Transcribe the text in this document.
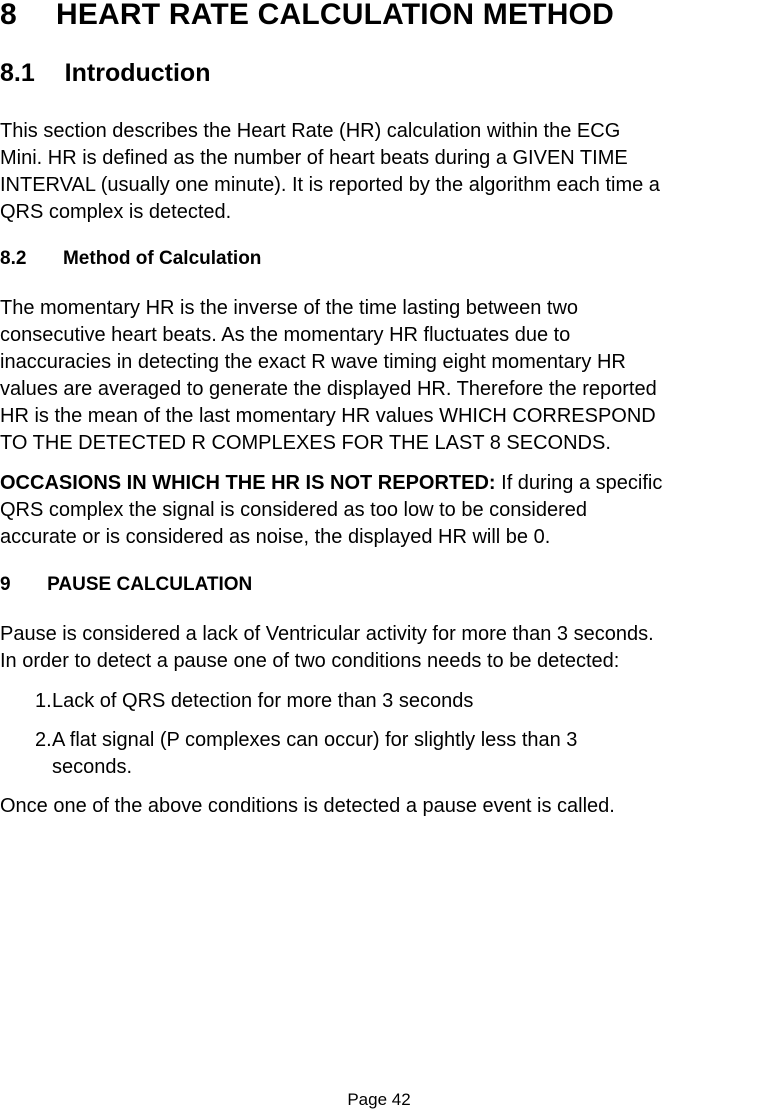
8 HEART RATE CALCULATION METHOD
8.1 Introduction
This section describes the Heart Rate (HR) calculation within the ECG
Mini. HR is defined as the number of heart beats during a GIVEN TIME
INTERVAL (usually one minute). It is reported by the algorithm each time a
QRS complex is detected.
8.2 Method of Calculation
The momentary HR is the inverse of the time lasting between two
consecutive heart beats. As the momentary HR fluctuates due to
inaccuracies in detecting the exact R wave timing eight momentary HR
values are averaged to generate the displayed HR. Therefore the reported
HR is the mean of the last momentary HR values WHICH CORRESPOND
TO THE DETECTED R COMPLEXES FOR THE LAST 8 SECONDS.
OCCASIONS IN WHICH THE HR IS NOT REPORTED: If during a specific
QRS complex the signal is considered as too low to be considered
accurate or is considered as noise, the displayed HR will be 0.
9 PAUSE CALCULATION
Pause is considered a lack of Ventricular activity for more than 3 seconds.
In order to detect a pause one of two conditions needs to be detected:
1. Lack of QRS detection for more than 3 seconds
2. A flat signal (P complexes can occur) for slightly less than 3
seconds.
Once one of the above conditions is detected a pause event is called.
Page 42
